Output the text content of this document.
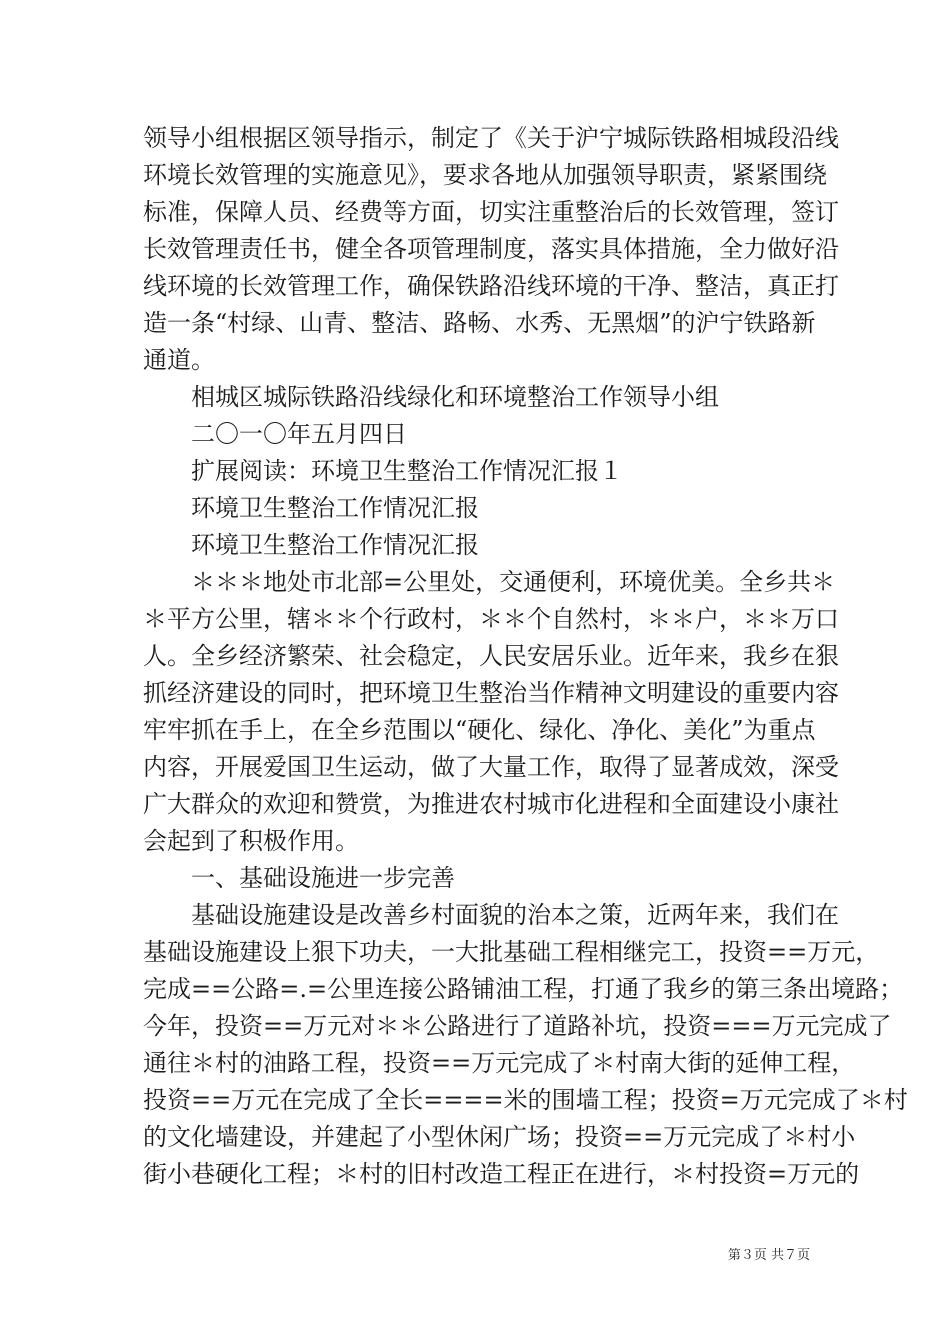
领导小组根据区领导指示，制定了《关于沪宁城际铁路相城段沿线
环境长效管理的实施意见》，要求各地从加强领导职责，紧紧围绕
标准，保障人员、经费等方面，切实注重整治后的长效管理，签订
长效管理责任书，健全各项管理制度，落实具体措施，全力做好沿
线环境的长效管理工作，确保铁路沿线环境的干净、整洁，真正打
造一条“村绿、山青、整洁、路畅、水秀、无黑烟”的沪宁铁路新
通道。
　　相城区城际铁路沿线绿化和环境整治工作领导小组
　　二〇一〇年五月四日
　　扩展阅读：环境卫生整治工作情况汇报１
　　环境卫生整治工作情况汇报
　　环境卫生整治工作情况汇报
　　＊＊＊地处市北部=公里处，交通便利，环境优美。全乡共＊
＊平方公里，辖＊＊个行政村，＊＊个自然村，＊＊户，＊＊万口
人。全乡经济繁荣、社会稳定，人民安居乐业。近年来，我乡在狠
抓经济建设的同时，把环境卫生整治当作精神文明建设的重要内容
牢牢抓在手上，在全乡范围以“硬化、绿化、净化、美化”为重点
内容，开展爱国卫生运动，做了大量工作，取得了显著成效，深受
广大群众的欢迎和赞赏，为推进农村城市化进程和全面建设小康社
会起到了积极作用。
　　一、基础设施进一步完善
　　基础设施建设是改善乡村面貌的治本之策，近两年来，我们在
基础设施建设上狠下功夫，一大批基础工程相继完工，投资==万元，
完成==公路=.=公里连接公路铺油工程，打通了我乡的第三条出境路；
今年，投资==万元对＊＊公路进行了道路补坑，投资===万元完成了
通往＊村的油路工程，投资==万元完成了＊村南大街的延伸工程，
投资==万元在完成了全长====米的围墙工程；投资=万元完成了＊村
的文化墙建设，并建起了小型休闲广场；投资==万元完成了＊村小
街小巷硬化工程；＊村的旧村改造工程正在进行，＊村投资=万元的
第３页 共７页
